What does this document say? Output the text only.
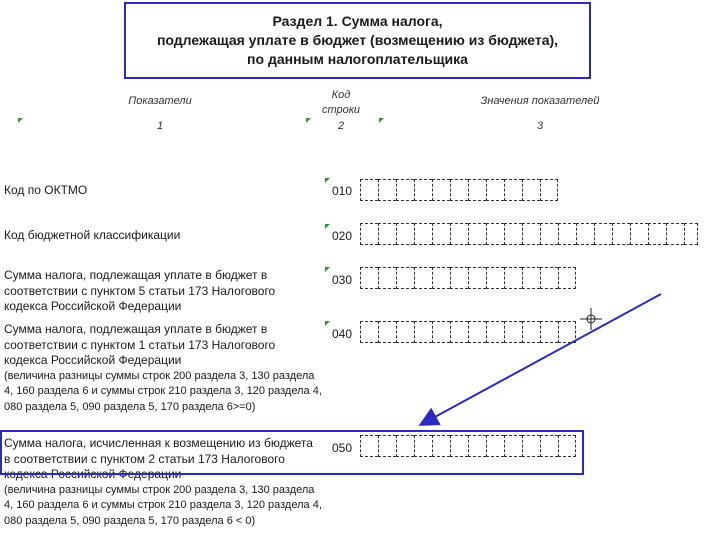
Раздел 1. Сумма налога,
подлежащая уплате в бюджет (возмещению из бюджета),
по данным налогоплательщика
Показатели
1
Код
строки
2
Значения показателей
3
Код по ОКТМО	010
Код бюджетной классификации	020
Сумма налога, подлежащая уплате в бюджет в
соответствии с пунктом 5 статьи 173 Налогового
кодекса Российской Федерации
030
Сумма налога, подлежащая уплате в бюджет в
соответствии с пунктом 1 статьи 173 Налогового
кодекса Российской Федерации
(величина разницы суммы строк 200 раздела 3, 130 раздела
4, 160 раздела 6 и суммы строк 210 раздела 3, 120 раздела 4,
080 раздела 5, 090 раздела 5, 170 раздела 6>=0)
040
Сумма налога, исчисленная к возмещению из бюджета
в соответствии с пунктом 2 статьи 173 Налогового
кодекса Российской Федерации
(величина разницы суммы строк 200 раздела 3, 130 раздела
4, 160 раздела 6 и суммы строк 210 раздела 3, 120 раздела 4,
080 раздела 5, 090 раздела 5, 170 раздела 6 < 0)
050
